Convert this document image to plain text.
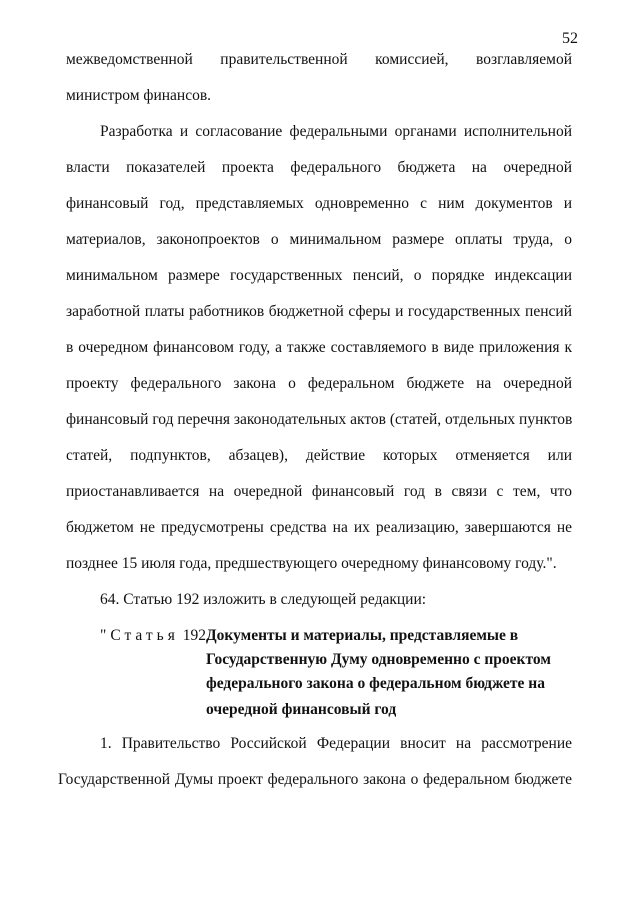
52
межведомственной правительственной комиссией, возглавляемой
министром финансов.
Разработка и согласование федеральными органами исполнительной
власти показателей проекта федерального бюджета на очередной
финансовый год, представляемых одновременно с ним документов и
материалов, законопроектов о минимальном размере оплаты труда, о
минимальном размере государственных пенсий, о порядке индексации
заработной платы работников бюджетной сферы и государственных пенсий
в очередном финансовом году, а также составляемого в виде приложения к
проекту федерального закона о федеральном бюджете на очередной
финансовый год перечня законодательных актов (статей, отдельных пунктов
статей, подпунктов, абзацев), действие которых отменяется или
приостанавливается на очередной финансовый год в связи с тем, что
бюджетом не предусмотрены средства на их реализацию, завершаются не
позднее 15 июля года, предшествующего очередному финансовому году.".
64. Статью 192 изложить в следующей редакции:
"Статья 192.
Документы и материалы, представляемые в
Государственную Думу одновременно с проектом
федерального закона о федеральном бюджете на
очередной финансовый год
1. Правительство Российской Федерации вносит на рассмотрение
Государственной Думы проект федерального закона о федеральном бюджете
